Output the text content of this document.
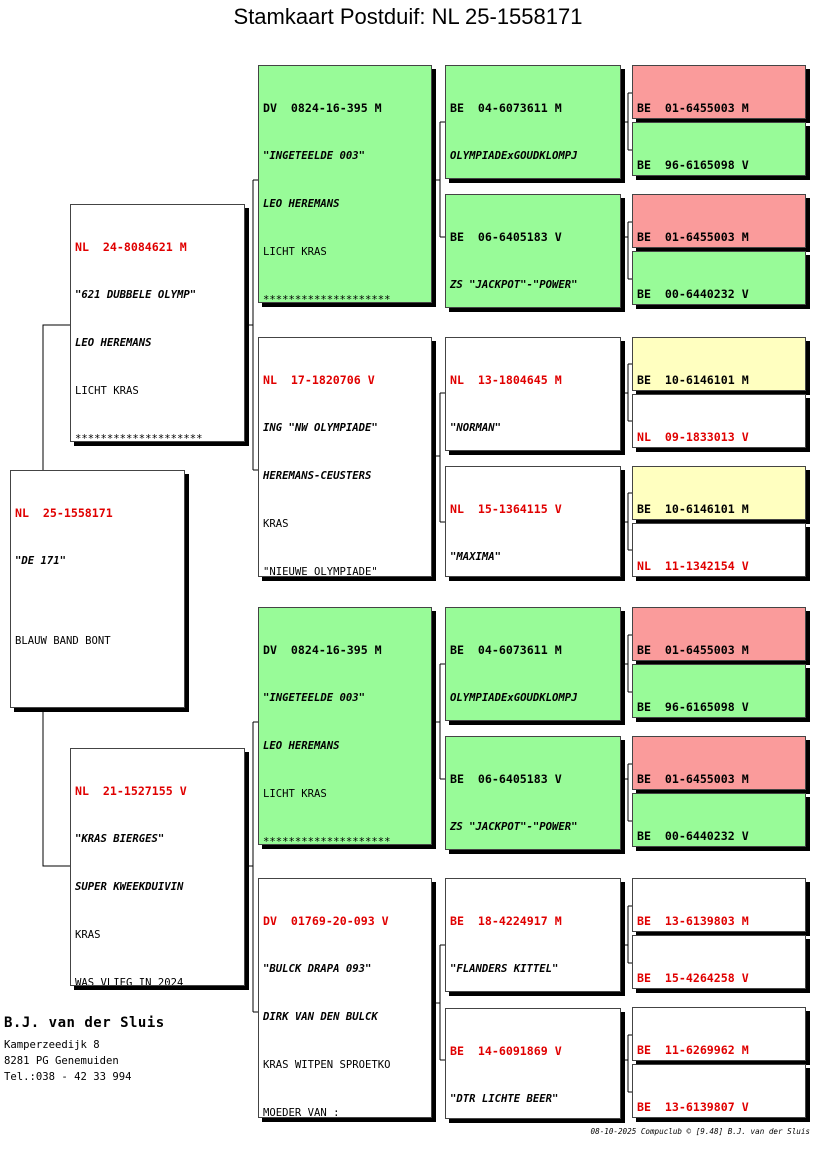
Stamkaart Postduif: NL 25-1558171

NL  25-1558171

"DE 171"

BLAUW BAND BONT

NL  24-8084621 M

"621 DUBBELE OLYMP"

LEO HEREMANS

LICHT KRAS

********************

NL  21-1527155 V

"KRAS BIERGES"

SUPER KWEEKDUIVIN

KRAS

WAS VLIEG IN 2024

DV  0824-16-395 M

"INGETEELDE 003"

LEO HEREMANS

LICHT KRAS

********************

NL  17-1820706 V

ING "NW OLYMPIADE"

HEREMANS-CEUSTERS

KRAS

"NIEUWE OLYMPIADE"

DV  0824-16-395 M

"INGETEELDE 003"

LEO HEREMANS

LICHT KRAS

********************

DV  01769-20-093 V

"BULCK DRAPA 093"

DIRK VAN DEN BULCK

KRAS WITPEN SPROETKO

MOEDER VAN :

BE  04-6073611 M

OLYMPIADExGOUDKLOMPJ

BE  06-6405183 V

ZS "JACKPOT"-"POWER"

NL  13-1804645 M

"NORMAN"

NL  15-1364115 V

"MAXIMA"

BE  04-6073611 M

OLYMPIADExGOUDKLOMPJ

BE  06-6405183 V

ZS "JACKPOT"-"POWER"

BE  18-4224917 M

"FLANDERS KITTEL"

BE  14-6091869 V

"DTR LICHTE BEER"

BE  01-6455003 M

BE  96-6165098 V

BE  01-6455003 M

BE  00-6440232 V

BE  10-6146101 M

NL  09-1833013 V

BE  10-6146101 M

NL  11-1342154 V

BE  01-6455003 M

BE  96-6165098 V

BE  01-6455003 M

BE  00-6440232 V

BE  13-6139803 M

BE  15-4264258 V

BE  11-6269962 M

BE  13-6139807 V

B.J. van der Sluis
Kamperzeedijk 8
8281 PG Genemuiden
Tel.:038 - 42 33 994
08-10-2025 Compuclub © [9.48] B.J. van der Sluis
